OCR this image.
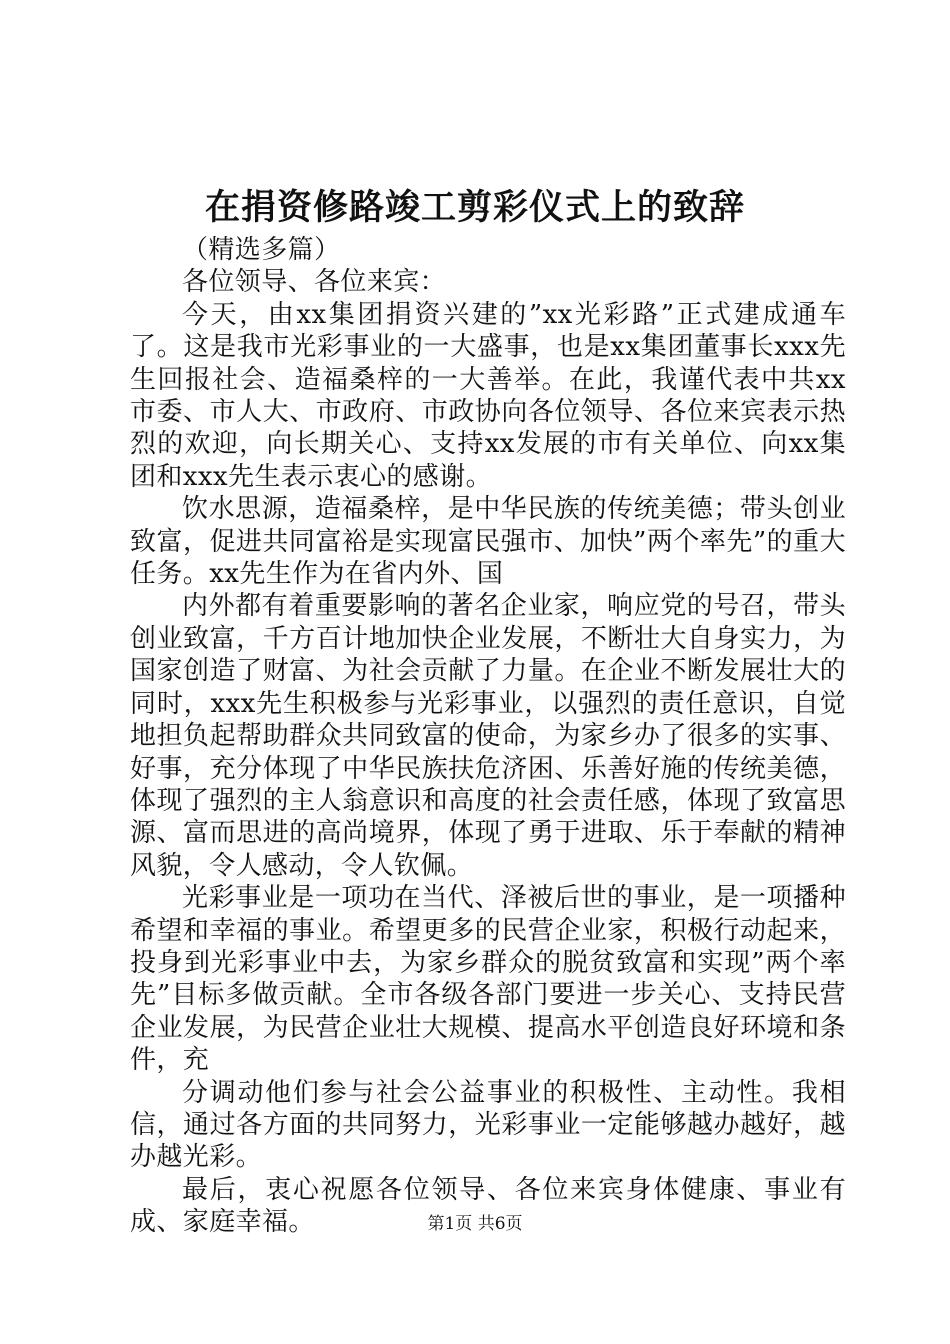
在捐资修路竣工剪彩仪式上的致辞

（精选多篇）

各位领导、各位来宾：

今天，由xx集团捐资兴建的”xx光彩路”正式建成通车了。这是我市光彩事业的一大盛事，也是xx集团董事长xxx先生回报社会、造福桑梓的一大善举。在此，我谨代表中共xx市委、市人大、市政府、市政协向各位领导、各位来宾表示热烈的欢迎，向长期关心、支持xx发展的市有关单位、向xx集团和xxx先生表示衷心的感谢。

饮水思源，造福桑梓，是中华民族的传统美德；带头创业致富，促进共同富裕是实现富民强市、加快”两个率先”的重大任务。xx先生作为在省内外、国

内外都有着重要影响的著名企业家，响应党的号召，带头创业致富，千方百计地加快企业发展，不断壮大自身实力，为国家创造了财富、为社会贡献了力量。在企业不断发展壮大的同时，xxx先生积极参与光彩事业，以强烈的责任意识，自觉地担负起帮助群众共同致富的使命，为家乡办了很多的实事、好事，充分体现了中华民族扶危济困、乐善好施的传统美德，体现了强烈的主人翁意识和高度的社会责任感，体现了致富思源、富而思进的高尚境界，体现了勇于进取、乐于奉献的精神风貌，令人感动，令人钦佩。

光彩事业是一项功在当代、泽被后世的事业，是一项播种希望和幸福的事业。希望更多的民营企业家，积极行动起来，投身到光彩事业中去，为家乡群众的脱贫致富和实现”两个率先”目标多做贡献。全市各级各部门要进一步关心、支持民营企业发展，为民营企业壮大规模、提高水平创造良好环境和条件，充

分调动他们参与社会公益事业的积极性、主动性。我相信，通过各方面的共同努力，光彩事业一定能够越办越好，越办越光彩。

最后，衷心祝愿各位领导、各位来宾身体健康、事业有成、家庭幸福。	第1页 共6页
